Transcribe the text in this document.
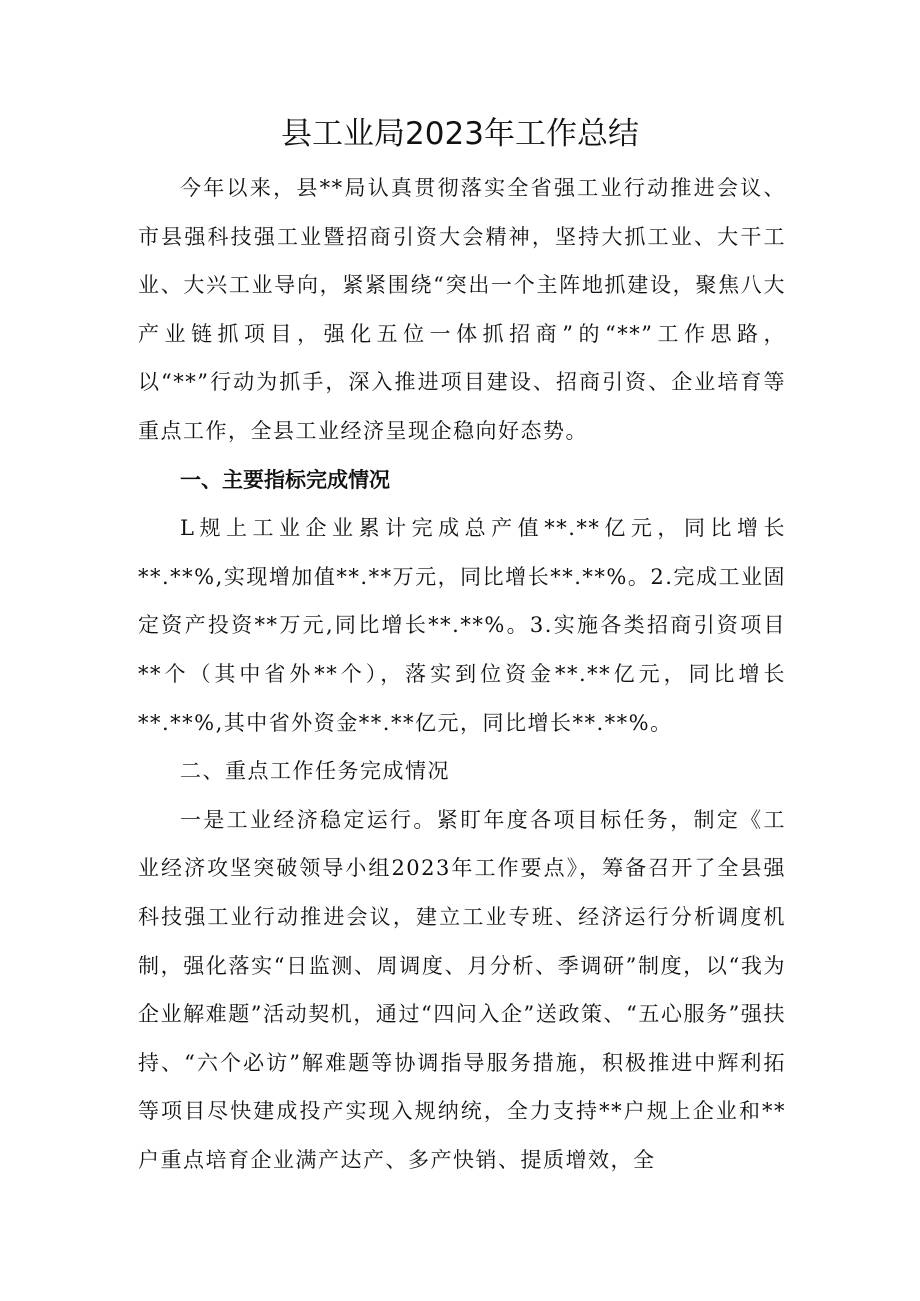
县工业局2023年工作总结

今年以来，县**局认真贯彻落实全省强工业行动推进会议、市县强科技强工业暨招商引资大会精神，坚持大抓工业、大干工业、大兴工业导向，紧紧围绕“突出一个主阵地抓建设，聚焦八大产业链抓项目，强化五位一体抓招商”的“**”工作思路，以“**”行动为抓手，深入推进项目建设、招商引资、企业培育等重点工作，全县工业经济呈现企稳向好态势。

一、主要指标完成情况

L规上工业企业累计完成总产值**.**亿元，同比增长**.**%,实现增加值**.**万元，同比增长**.**%。2.完成工业固定资产投资**万元,同比增长**.**%。3.实施各类招商引资项目**个（其中省外**个），落实到位资金**.**亿元，同比增长**.**%,其中省外资金**.**亿元，同比增长**.**%。

二、重点工作任务完成情况

一是工业经济稳定运行。紧盯年度各项目标任务，制定《工业经济攻坚突破领导小组2023年工作要点》，筹备召开了全县强科技强工业行动推进会议，建立工业专班、经济运行分析调度机制，强化落实“日监测、周调度、月分析、季调研”制度，以“我为企业解难题”活动契机，通过“四问入企”送政策、“五心服务”强扶持、“六个必访”解难题等协调指导服务措施，积极推进中辉利拓等项目尽快建成投产实现入规纳统，全力支持**户规上企业和**户重点培育企业满产达产、多产快销、提质增效，全
